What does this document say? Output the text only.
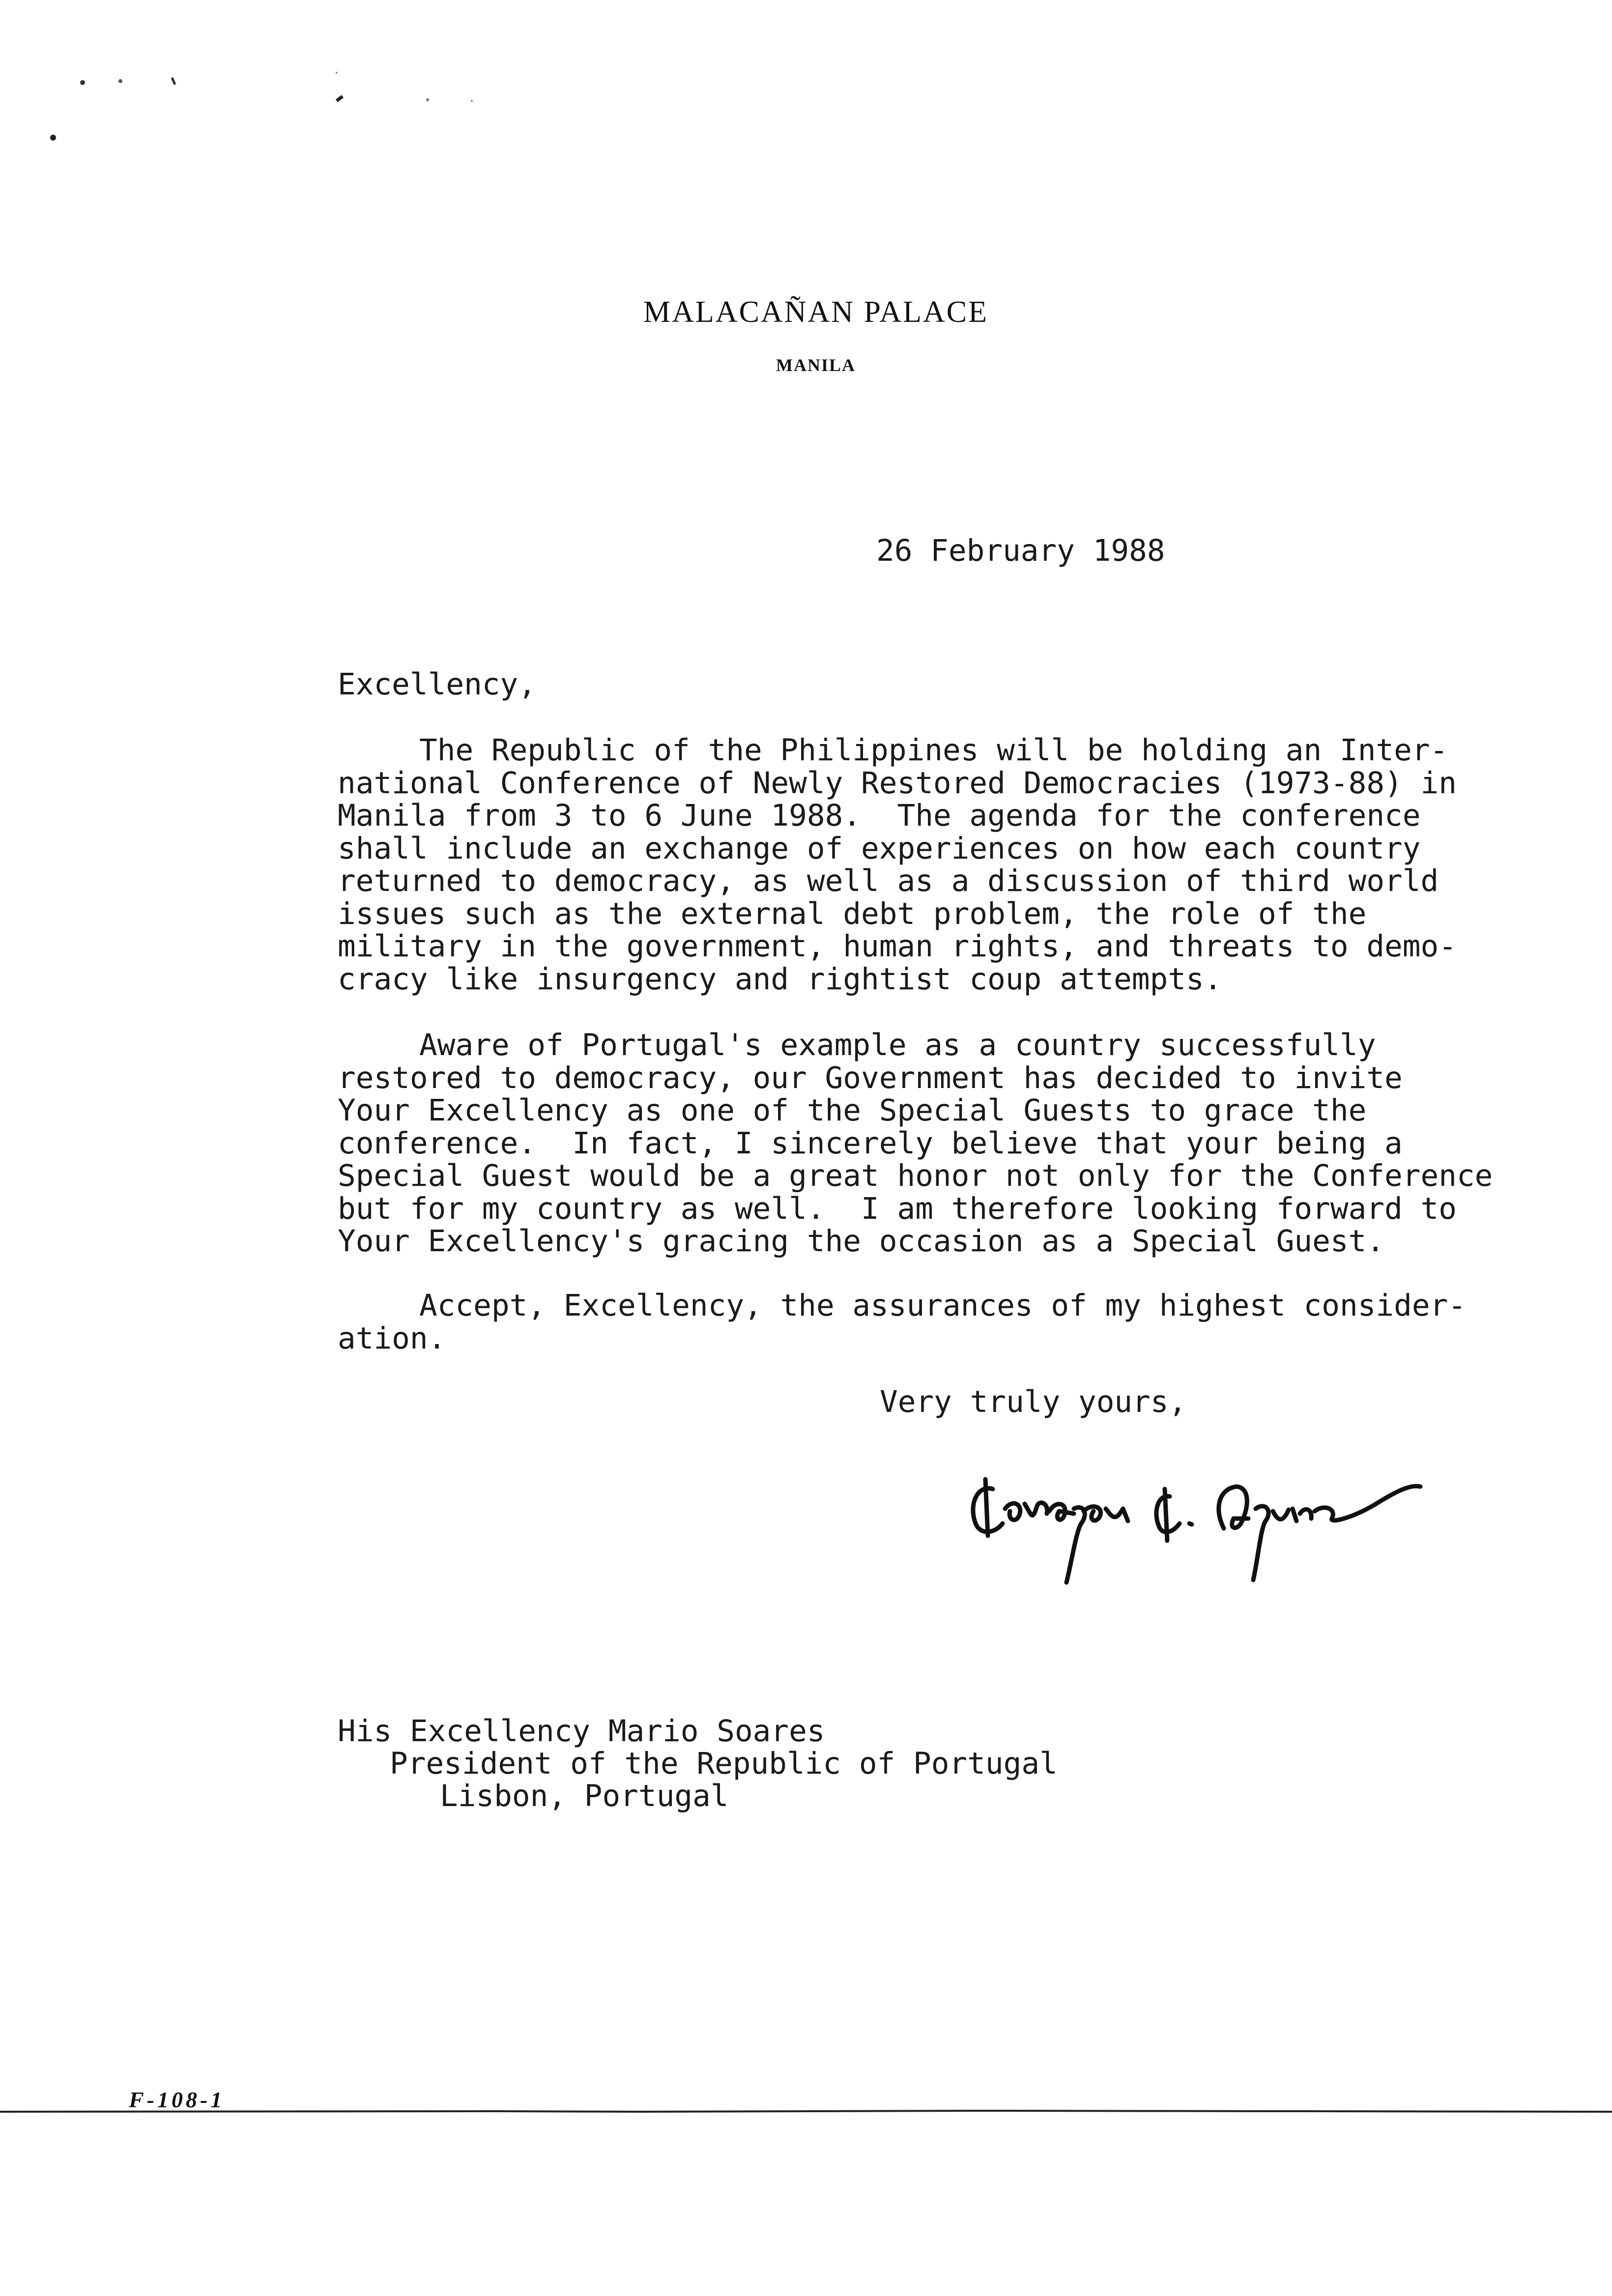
MALACAÑAN PALACE
MANILA
26 February 1988
Excellency,
The Republic of the Philippines will be holding an Inter-
national Conference of Newly Restored Democracies (1973-88) in
Manila from 3 to 6 June 1988.  The agenda for the conference
shall include an exchange of experiences on how each country
returned to democracy, as well as a discussion of third world
issues such as the external debt problem, the role of the
military in the government, human rights, and threats to demo-
cracy like insurgency and rightist coup attempts.
Aware of Portugal's example as a country successfully
restored to democracy, our Government has decided to invite
Your Excellency as one of the Special Guests to grace the
conference.  In fact, I sincerely believe that your being a
Special Guest would be a great honor not only for the Conference
but for my country as well.  I am therefore looking forward to
Your Excellency's gracing the occasion as a Special Guest.
Accept, Excellency, the assurances of my highest consider-
ation.
Very truly yours,
His Excellency Mario Soares
President of the Republic of Portugal
Lisbon, Portugal
F-108-1
